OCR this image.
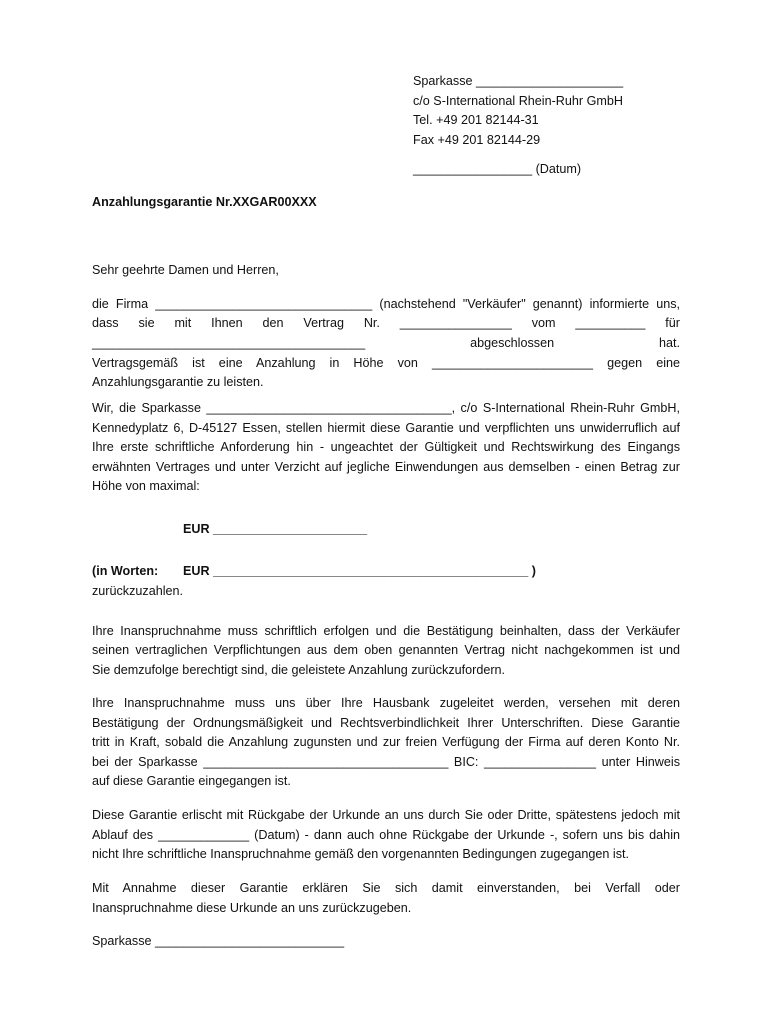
Sparkasse _____________________
c/o S-International Rhein-Ruhr GmbH
Tel. +49 201 82144-31
Fax +49 201 82144-29
_________________ (Datum)
Anzahlungsgarantie Nr.XXGAR00XXX
Sehr geehrte Damen und Herren,
die Firma _______________________________ (nachstehend "Verkäufer" genannt) informierte uns,
dass sie mit Ihnen den Vertrag Nr. ________________ vom __________ für
_______________________________________ abgeschlossen hat.
Vertragsgemäß ist eine Anzahlung in Höhe von _______________________ gegen eine
Anzahlungsgarantie zu leisten.
Wir, die Sparkasse ___________________________________, c/o S-International Rhein-Ruhr GmbH,
Kennedyplatz 6, D-45127 Essen, stellen hiermit diese Garantie und verpflichten uns unwiderruflich auf
Ihre erste schriftliche Anforderung hin - ungeachtet der Gültigkeit und Rechtswirkung des Eingangs
erwähnten Vertrages und unter Verzicht auf jegliche Einwendungen aus demselben - einen Betrag zur
Höhe von maximal:
EUR ______________________
(in Worten: EUR _____________________________________________ )
zurückzuzahlen.
Ihre Inanspruchnahme muss schriftlich erfolgen und die Bestätigung beinhalten, dass der Verkäufer
seinen vertraglichen Verpflichtungen aus dem oben genannten Vertrag nicht nachgekommen ist und
Sie demzufolge berechtigt sind, die geleistete Anzahlung zurückzufordern.
Ihre Inanspruchnahme muss uns über Ihre Hausbank zugeleitet werden, versehen mit deren
Bestätigung der Ordnungsmäßigkeit und Rechtsverbindlichkeit Ihrer Unterschriften. Diese Garantie
tritt in Kraft, sobald die Anzahlung zugunsten und zur freien Verfügung der Firma auf deren Konto Nr.
bei der Sparkasse ___________________________________ BIC: ________________ unter Hinweis
auf diese Garantie eingegangen ist.
Diese Garantie erlischt mit Rückgabe der Urkunde an uns durch Sie oder Dritte, spätestens jedoch mit
Ablauf des _____________ (Datum) - dann auch ohne Rückgabe der Urkunde -, sofern uns bis dahin
nicht Ihre schriftliche Inanspruchnahme gemäß den vorgenannten Bedingungen zugegangen ist.
Mit Annahme dieser Garantie erklären Sie sich damit einverstanden, bei Verfall oder
Inanspruchnahme diese Urkunde an uns zurückzugeben.
Sparkasse ___________________________
